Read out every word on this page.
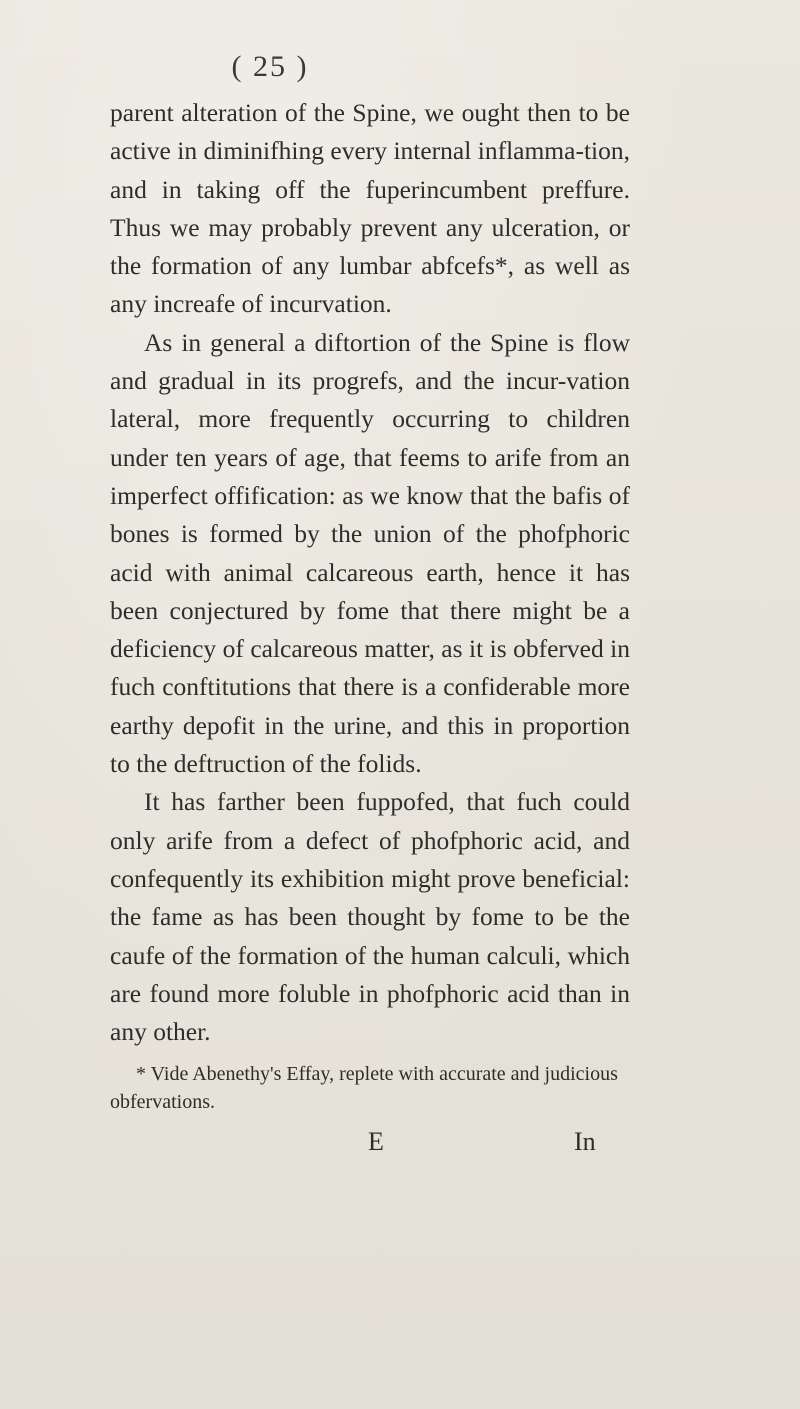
( 25 )

parent alteration of the Spine, we ought then to be active in diminifhing every internal inflamma-tion, and in taking off the fuperincumbent preffure. Thus we may probably prevent any ulceration, or the formation of any lumbar abfcefs*, as well as any increafe of incurvation.

As in general a diftortion of the Spine is flow and gradual in its progrefs, and the incur-vation lateral, more frequently occurring to children under ten years of age, that feems to arife from an imperfect offification: as we know that the bafis of bones is formed by the union of the phofphoric acid with animal calcareous earth, hence it has been conjectured by fome that there might be a deficiency of calcareous matter, as it is obferved in fuch conftitutions that there is a confiderable more earthy depofit in the urine, and this in proportion to the deftruction of the folids.

It has farther been fuppofed, that fuch could only arife from a defect of phofphoric acid, and confequently its exhibition might prove beneficial: the fame as has been thought by fome to be the caufe of the formation of the human calculi, which are found more foluble in phofphoric acid than in any other.

* Vide Abenethy's Effay, replete with accurate and judicious obfervations.
E	In
